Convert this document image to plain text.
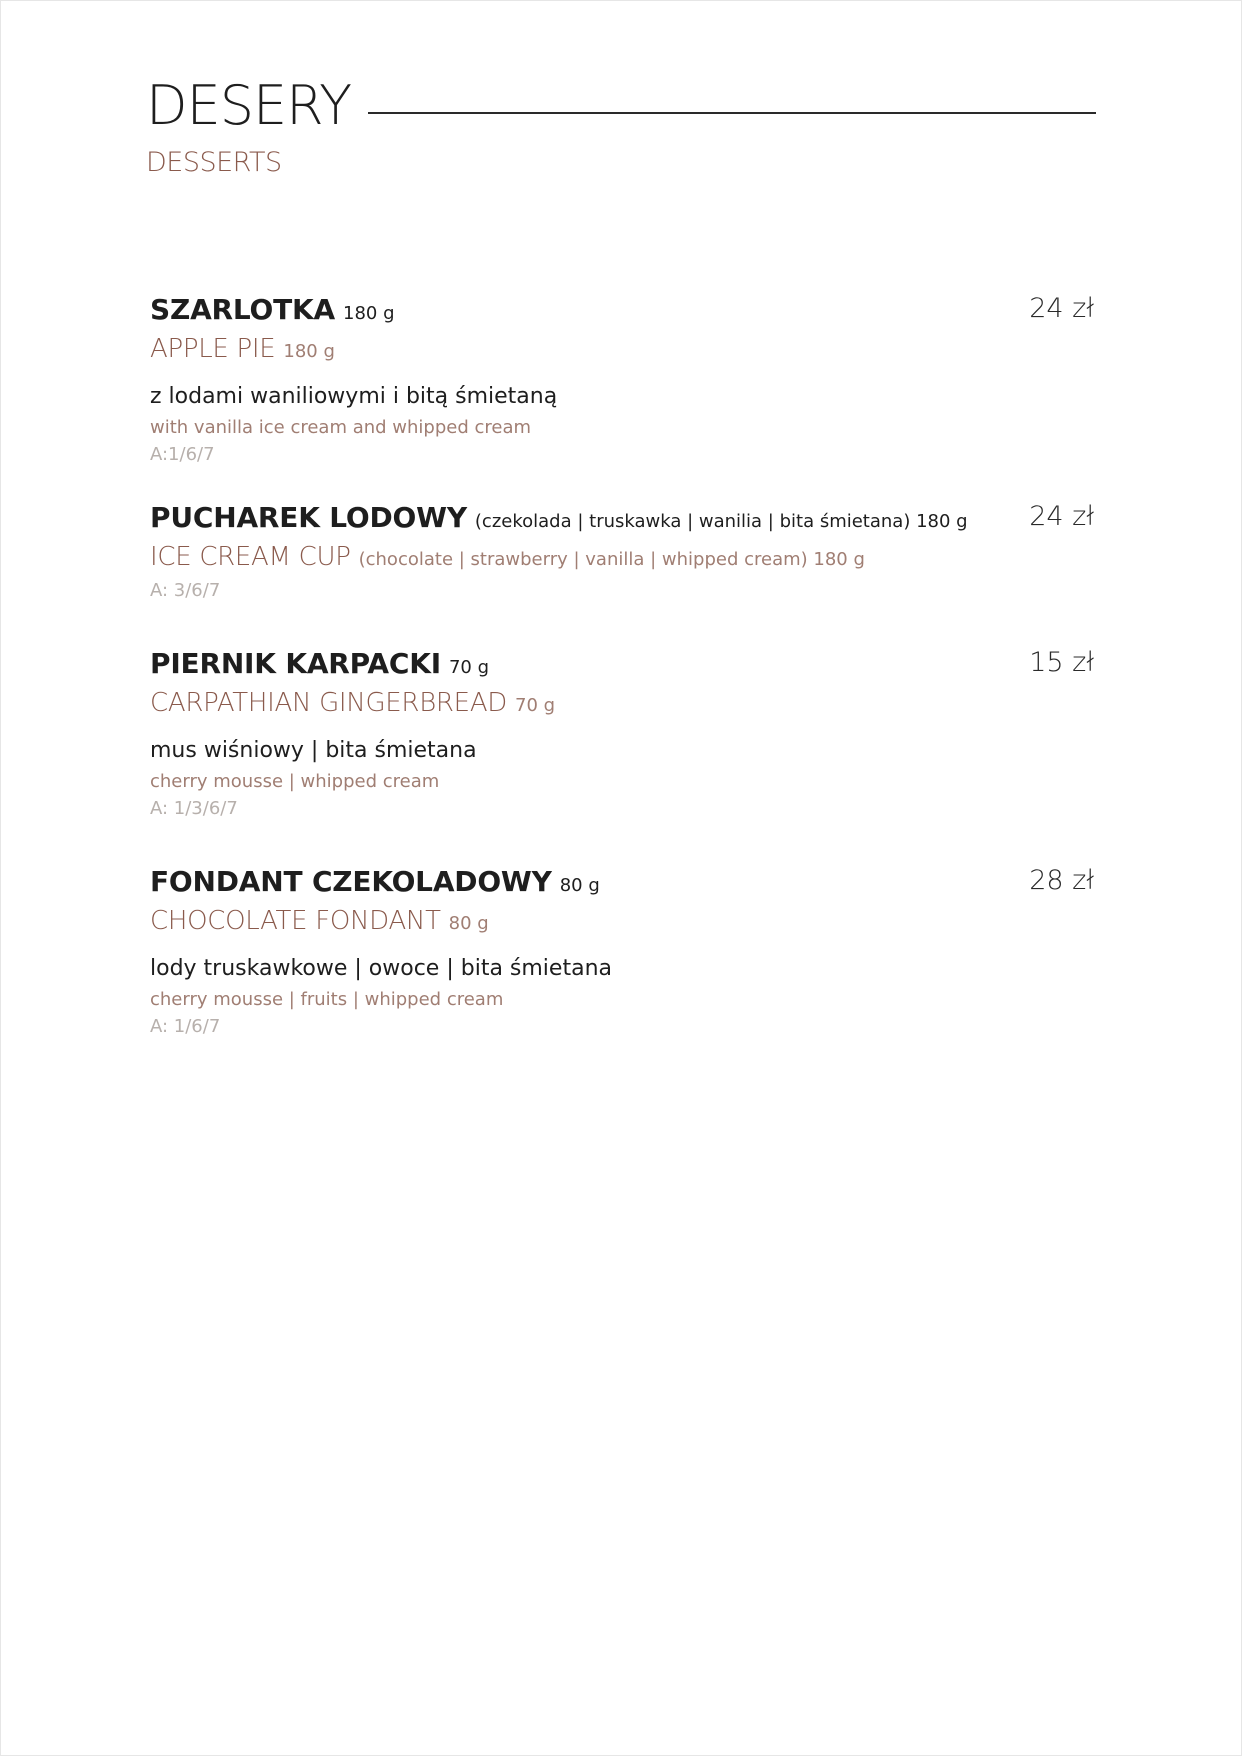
DESERY
DESSERTS
SZARLOTKA 180 g	24 zł
APPLE PIE 180 g
z lodami waniliowymi i bitą śmietaną
with vanilla ice cream and whipped cream
A:1/6/7
PUCHAREK LODOWY (czekolada | truskawka | wanilia | bita śmietana) 180 g 24 zł
ICE CREAM CUP (chocolate | strawberry | vanilla | whipped cream) 180 g
A: 3/6/7
PIERNIK KARPACKI 70 g	15 zł
CARPATHIAN GINGERBREAD 70 g
mus wiśniowy | bita śmietana
cherry mousse | whipped cream
A: 1/3/6/7
FONDANT CZEKOLADOWY 80 g	28 zł
CHOCOLATE FONDANT 80 g
lody truskawkowe | owoce | bita śmietana
cherry mousse | fruits | whipped cream
A: 1/6/7
